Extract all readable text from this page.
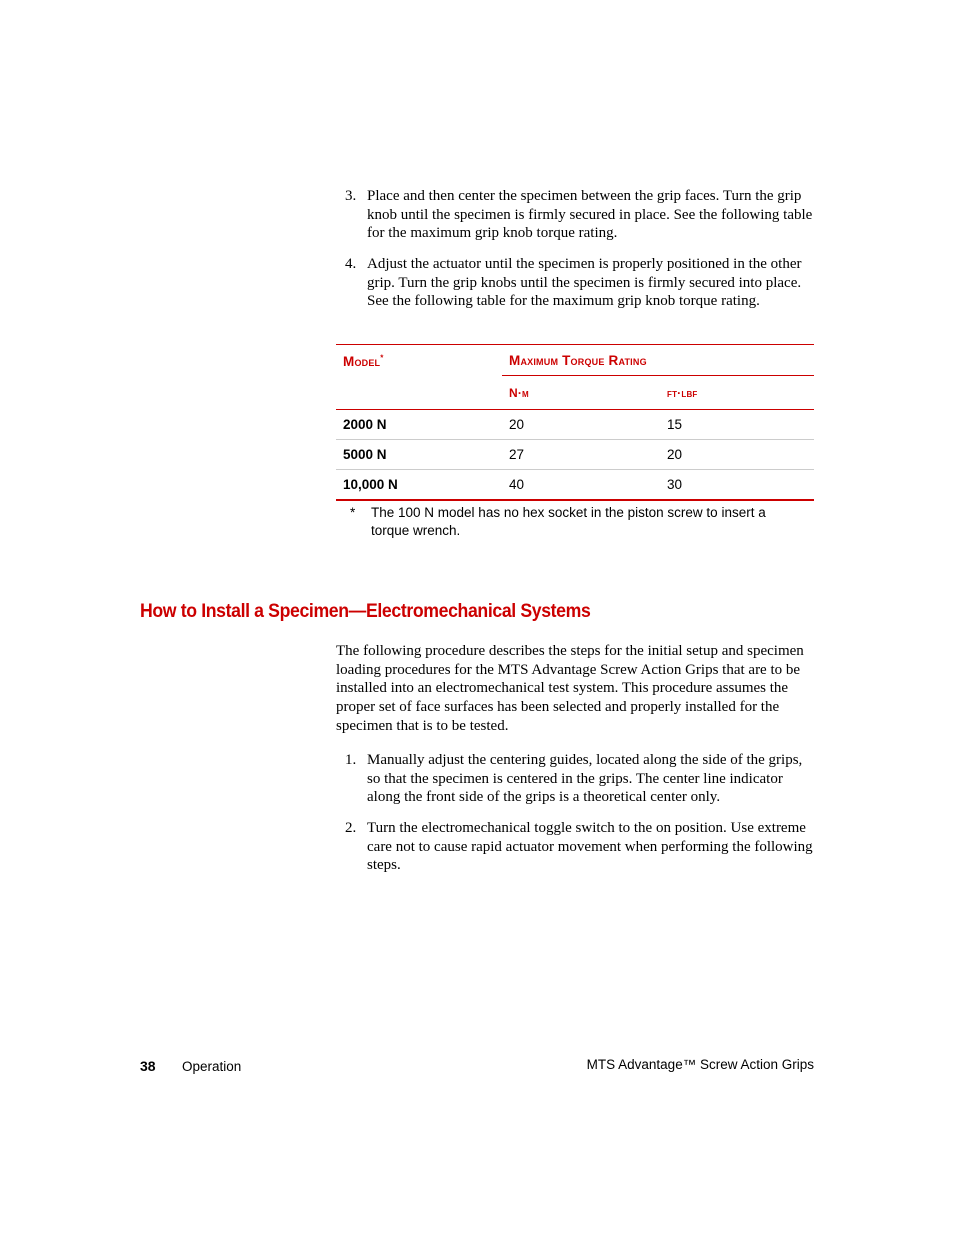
3. Place and then center the specimen between the grip faces. Turn the grip knob until the specimen is firmly secured in place. See the following table for the maximum grip knob torque rating.
4. Adjust the actuator until the specimen is properly positioned in the other grip. Turn the grip knobs until the specimen is firmly secured into place. See the following table for the maximum grip knob torque rating.
Model*	Maximum Torque Rating	
	N·m	ft·lbf
2000 N	20	15
5000 N	27	20
10,000 N	40	30
* The 100 N model has no hex socket in the piston screw to insert a torque wrench.
How to Install a Specimen—Electromechanical Systems
The following procedure describes the steps for the initial setup and specimen loading procedures for the MTS Advantage Screw Action Grips that are to be installed into an electromechanical test system. This procedure assumes the proper set of face surfaces has been selected and properly installed for the specimen that is to be tested.
1. Manually adjust the centering guides, located along the side of the grips, so that the specimen is centered in the grips. The center line indicator along the front side of the grips is a theoretical center only.
2. Turn the electromechanical toggle switch to the on position. Use extreme care not to cause rapid actuator movement when performing the following steps.
38 Operation	MTS Advantage™ Screw Action Grips
